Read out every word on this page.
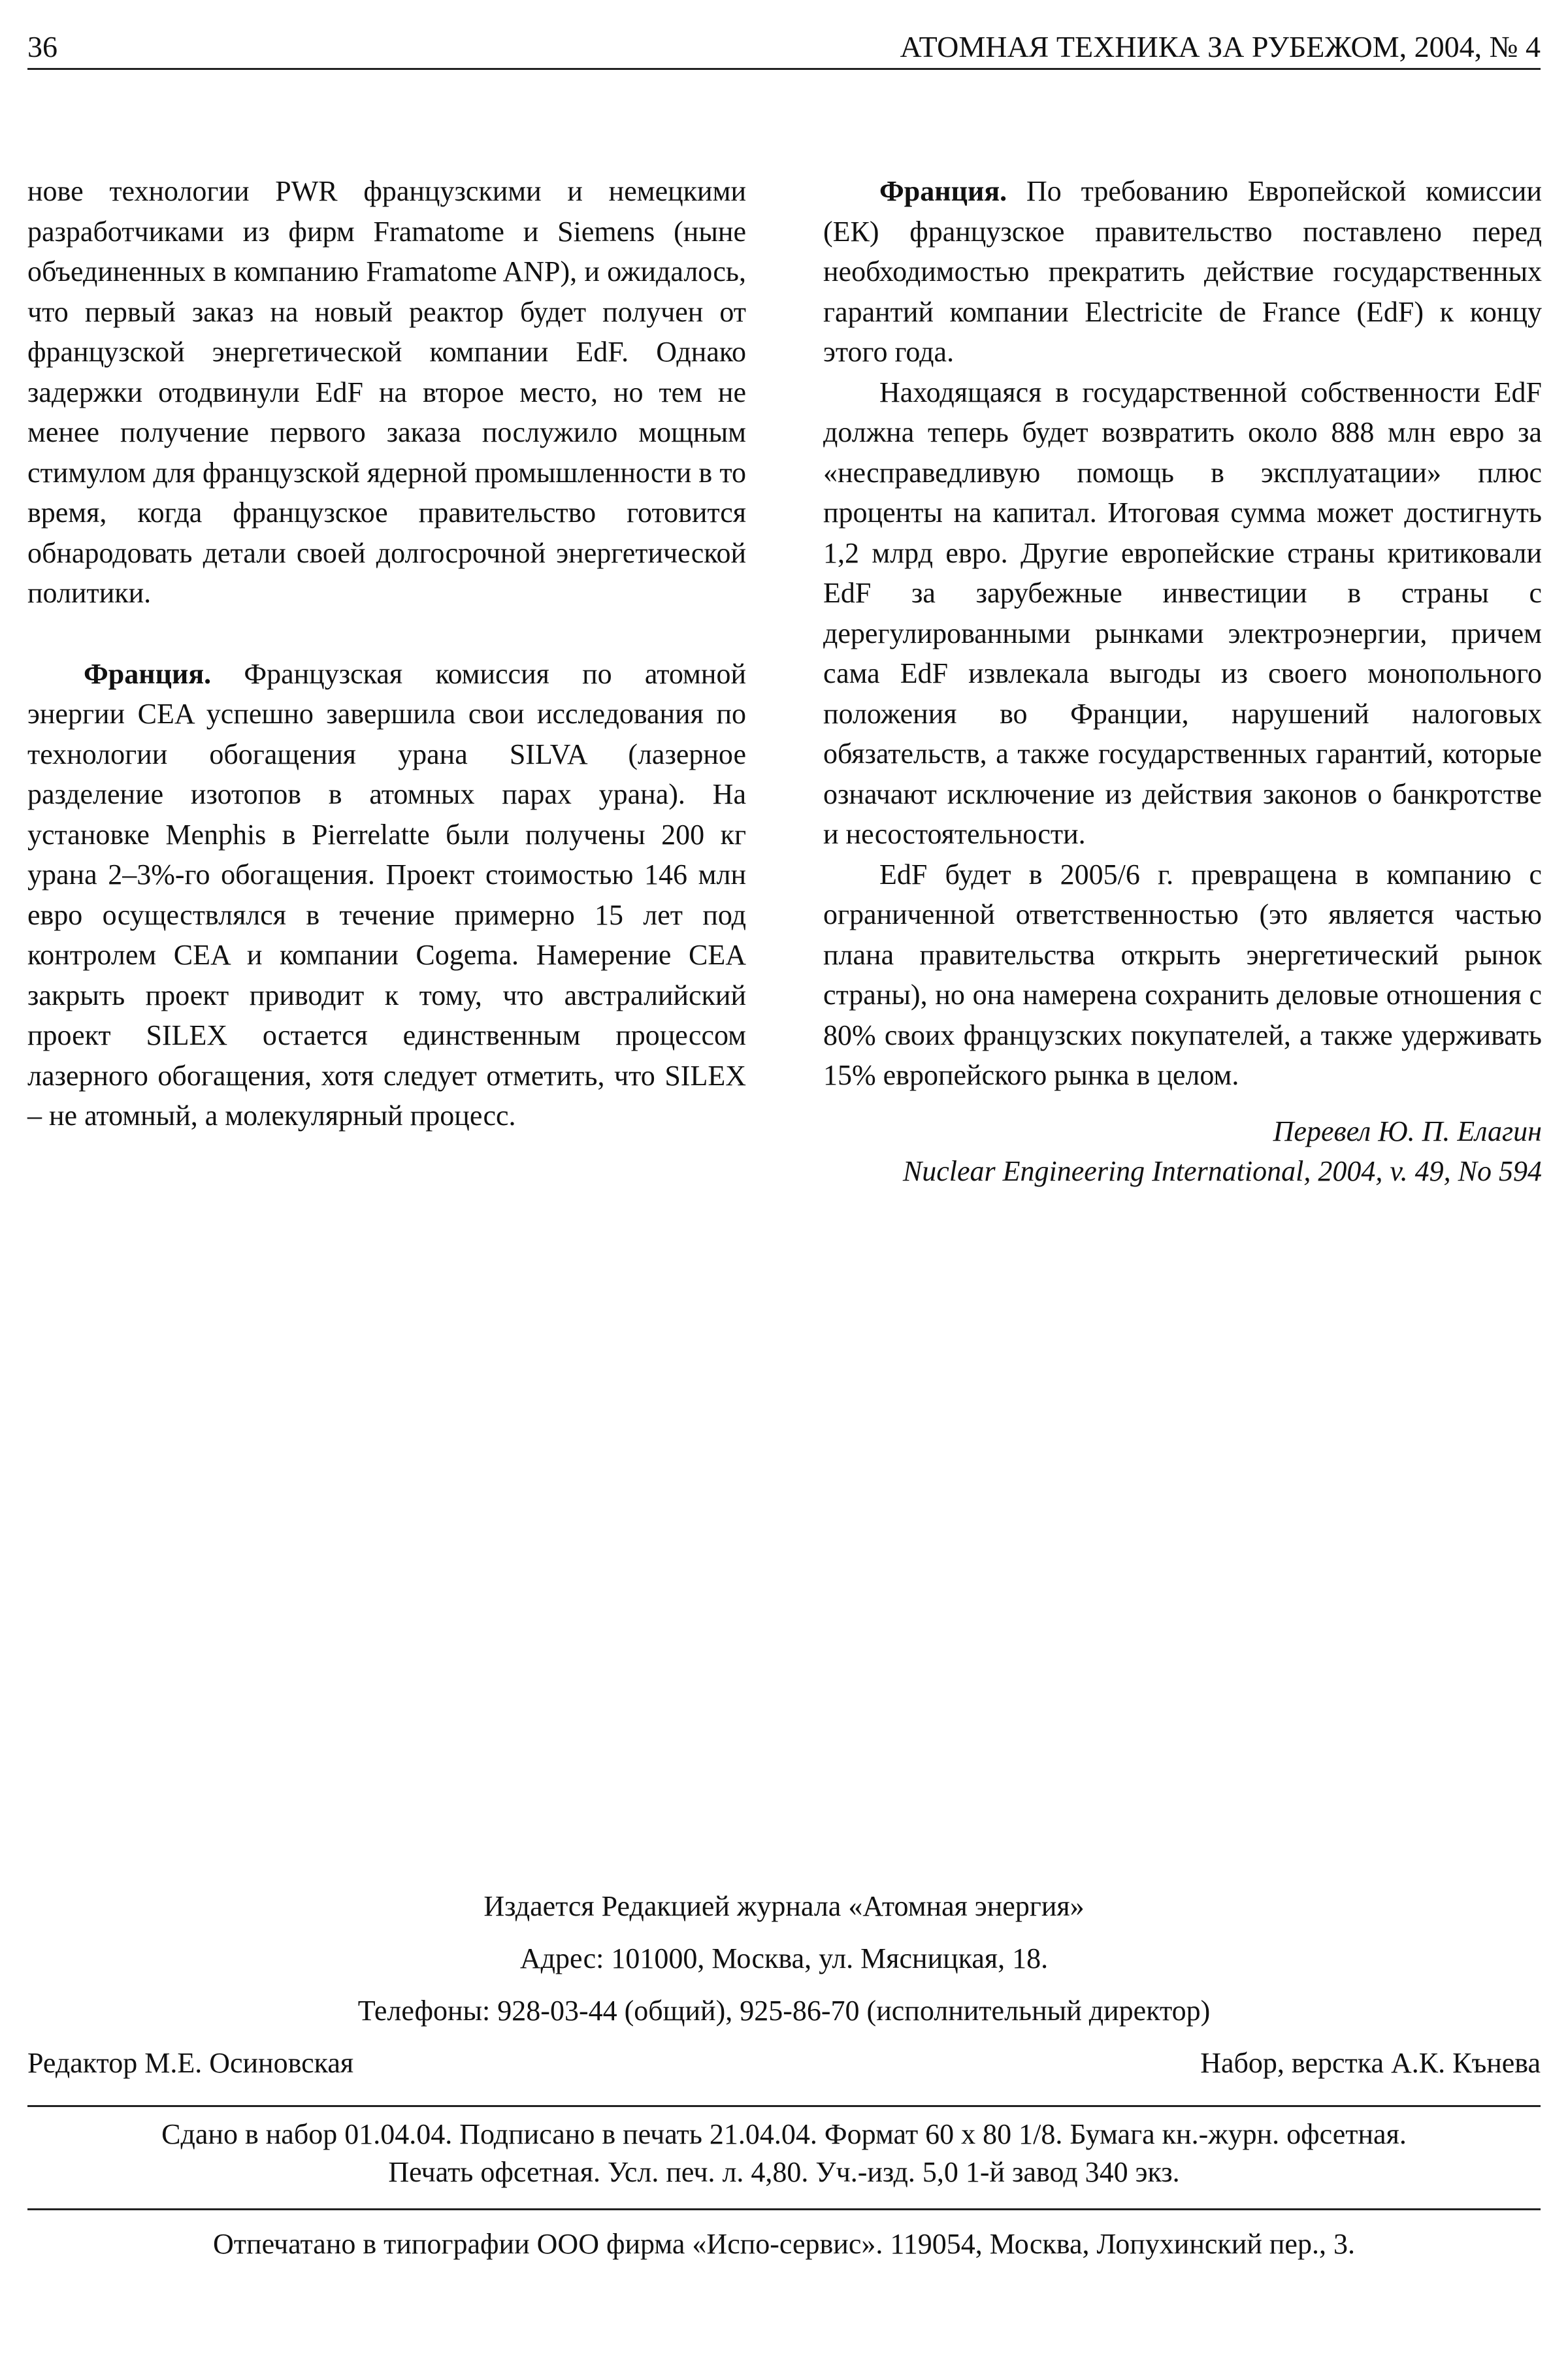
36	АТОМНАЯ ТЕХНИКА ЗА РУБЕЖОМ, 2004, № 4

нове технологии PWR французскими и немецкими разработчиками из фирм Framatome и Siemens (ныне объединенных в компанию Framatome ANP), и ожидалось, что первый заказ на новый реактор будет получен от французской энергетической компании EdF. Однако задержки отодвинули EdF на второе место, но тем не менее получение первого заказа послужило мощным стимулом для французской ядерной промышленности в то время, когда французское правительство готовится обнародовать детали своей долгосрочной энергетической политики.

Франция. Французская комиссия по атомной энергии CEA успешно завершила свои исследования по технологии обогащения урана SILVA (лазерное разделение изотопов в атомных парах урана). На установке Menphis в Pierrelatte были получены 200 кг урана 2–3%-го обогащения. Проект стоимостью 146 млн евро осуществлялся в течение примерно 15 лет под контролем CEA и компании Cogema. Намерение CEA закрыть проект приводит к тому, что австралийский проект SILEX остается единственным процессом лазерного обогащения, хотя следует отметить, что SILEX – не атомный, а молекулярный процесс.

Франция. По требованию Европейской комиссии (ЕК) французское правительство поставлено перед необходимостью прекратить действие государственных гарантий компании Electricite de France (EdF) к концу этого года.

Находящаяся в государственной собственности EdF должна теперь будет возвратить около 888 млн евро за «несправедливую помощь в эксплуатации» плюс проценты на капитал. Итоговая сумма может достигнуть 1,2 млрд евро. Другие европейские страны критиковали EdF за зарубежные инвестиции в страны с дерегулированными рынками электроэнергии, причем сама EdF извлекала выгоды из своего монопольного положения во Франции, нарушений налоговых обязательств, а также государственных гарантий, которые означают исключение из действия законов о банкротстве и несостоятельности.

EdF будет в 2005/6 г. превращена в компанию с ограниченной ответственностью (это является частью плана правительства открыть энергетический рынок страны), но она намерена сохранить деловые отношения с 80% своих французских покупателей, а также удерживать 15% европейского рынка в целом.

Перевел Ю. П. Елагин

Nuclear Engineering International, 2004, v. 49, No 594

Издается Редакцией журнала «Атомная энергия»
Адрес: 101000, Москва, ул. Мясницкая, 18.
Телефоны: 928-03-44 (общий), 925-86-70 (исполнительный директор)
Редактор М.Е. Осиновская	Набор, верстка А.К. Кънева
Сдано в набор 01.04.04. Подписано в печать 21.04.04. Формат 60 х 80 1/8. Бумага кн.-журн. офсетная.
Печать офсетная. Усл. печ. л. 4,80. Уч.-изд. 5,0 1-й завод 340 экз.
Отпечатано в типографии ООО фирма «Испо-сервис». 119054, Москва, Лопухинский пер., 3.
